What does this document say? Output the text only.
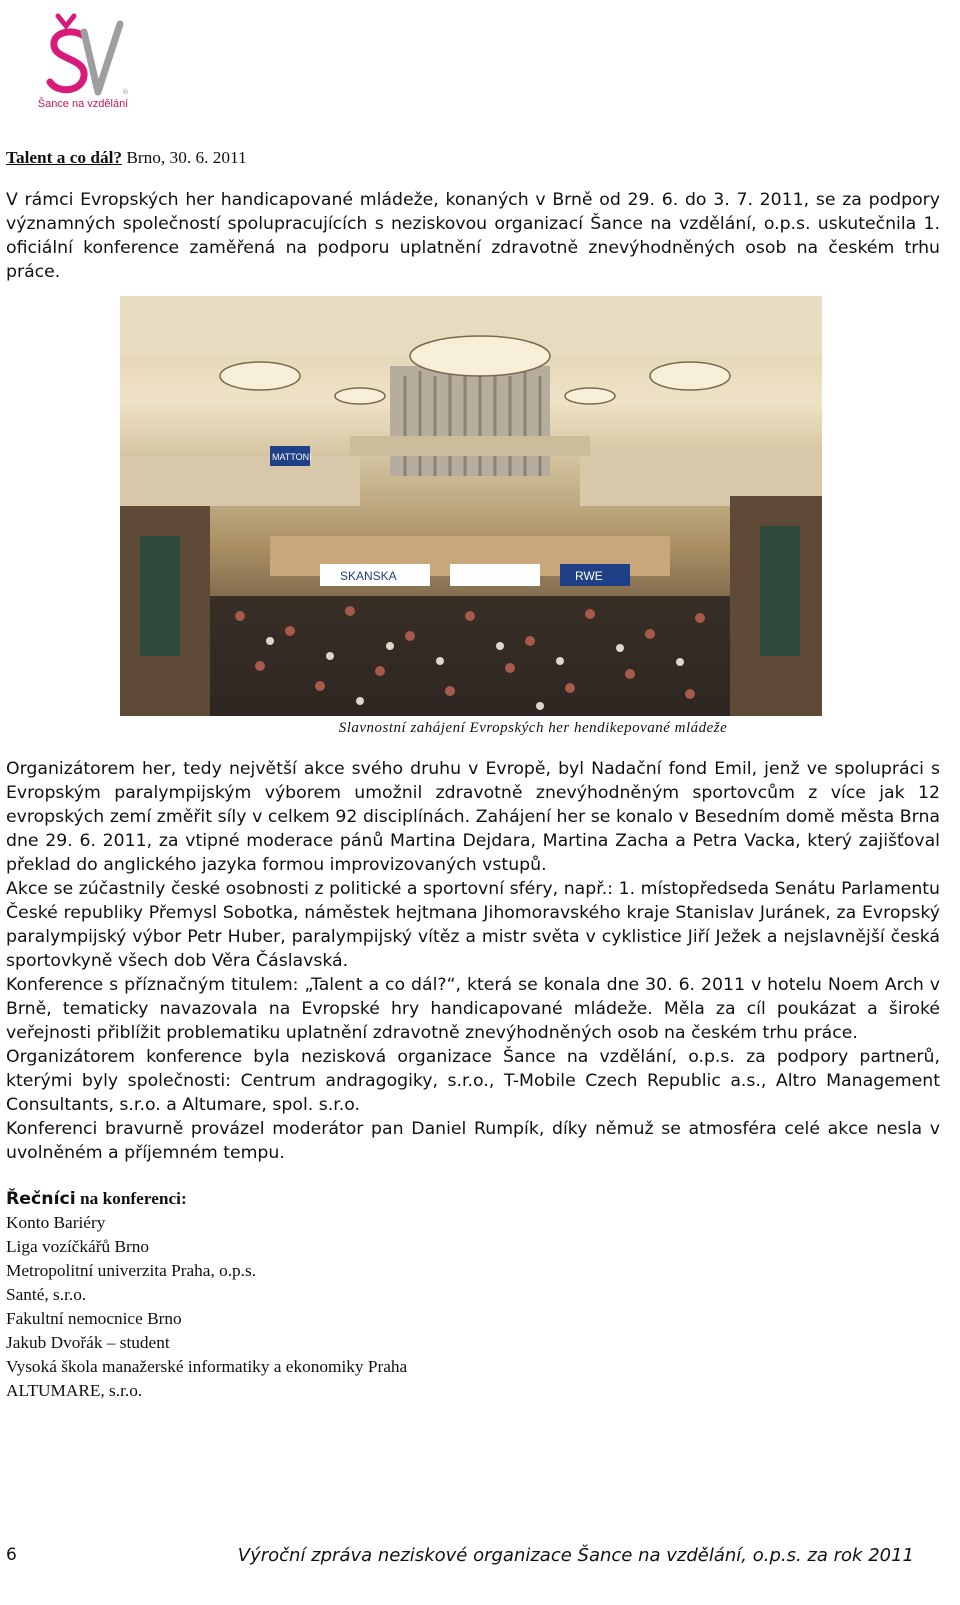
®
Šance na vzdělání

Talent a co dál? Brno, 30. 6. 2011

V rámci Evropských her handicapované mládeže, konaných v Brně od 29. 6. do 3. 7. 2011, se za podpory významných společností spolupracujících s neziskovou organizací Šance na vzdělání, o.p.s. uskutečnila 1. oficiální konference zaměřená na podporu uplatnění zdravotně znevýhodněných osob na českém trhu práce.

SKANSKA	RWE
MATTONI
Slavnostní zahájení Evropských her hendikepované mládeže

Organizátorem her, tedy největší akce svého druhu v Evropě, byl Nadační fond Emil, jenž ve spolupráci s Evropským paralympijským výborem umožnil zdravotně znevýhodněným sportovcům z více jak 12 evropských zemí změřit síly v celkem 92 disciplínách. Zahájení her se konalo v Besedním domě města Brna dne 29. 6. 2011, za vtipné moderace pánů Martina Dejdara, Martina Zacha a Petra Vacka, který zajišťoval překlad do anglického jazyka formou improvizovaných vstupů.

Akce se zúčastnily české osobnosti z politické a sportovní sféry, např.: 1. místopředseda Senátu Parlamentu České republiky Přemysl Sobotka, náměstek hejtmana Jihomoravského kraje Stanislav Juránek, za Evropský paralympijský výbor Petr Huber, paralympijský vítěz a mistr světa v cyklistice Jiří Ježek a nejslavnější česká sportovkyně všech dob Věra Čáslavská.

Konference s příznačným titulem: „Talent a co dál?“, která se konala dne 30. 6. 2011 v hotelu Noem Arch v Brně, tematicky navazovala na Evropské hry handicapované mládeže. Měla za cíl poukázat a široké veřejnosti přiblížit problematiku uplatnění zdravotně znevýhodněných osob na českém trhu práce.

Organizátorem konference byla nezisková organizace Šance na vzdělání, o.p.s. za podpory partnerů, kterými byly společnosti: Centrum andragogiky, s.r.o., T-Mobile Czech Republic a.s., Altro Management Consultants, s.r.o. a Altumare, spol. s.r.o.

Konferenci bravurně provázel moderátor pan Daniel Rumpík, díky němuž se atmosféra celé akce nesla v uvolněném a příjemném tempu.

Řečníci na konferenci:

Konto Bariéry

Liga vozíčkářů Brno

Metropolitní univerzita Praha, o.p.s.

Santé, s.r.o.

Fakultní nemocnice Brno

Jakub Dvořák – student

Vysoká škola manažerské informatiky a ekonomiky Praha

ALTUMARE, s.r.o.

6	Výroční zpráva neziskové organizace Šance na vzdělání, o.p.s. za rok 2011
